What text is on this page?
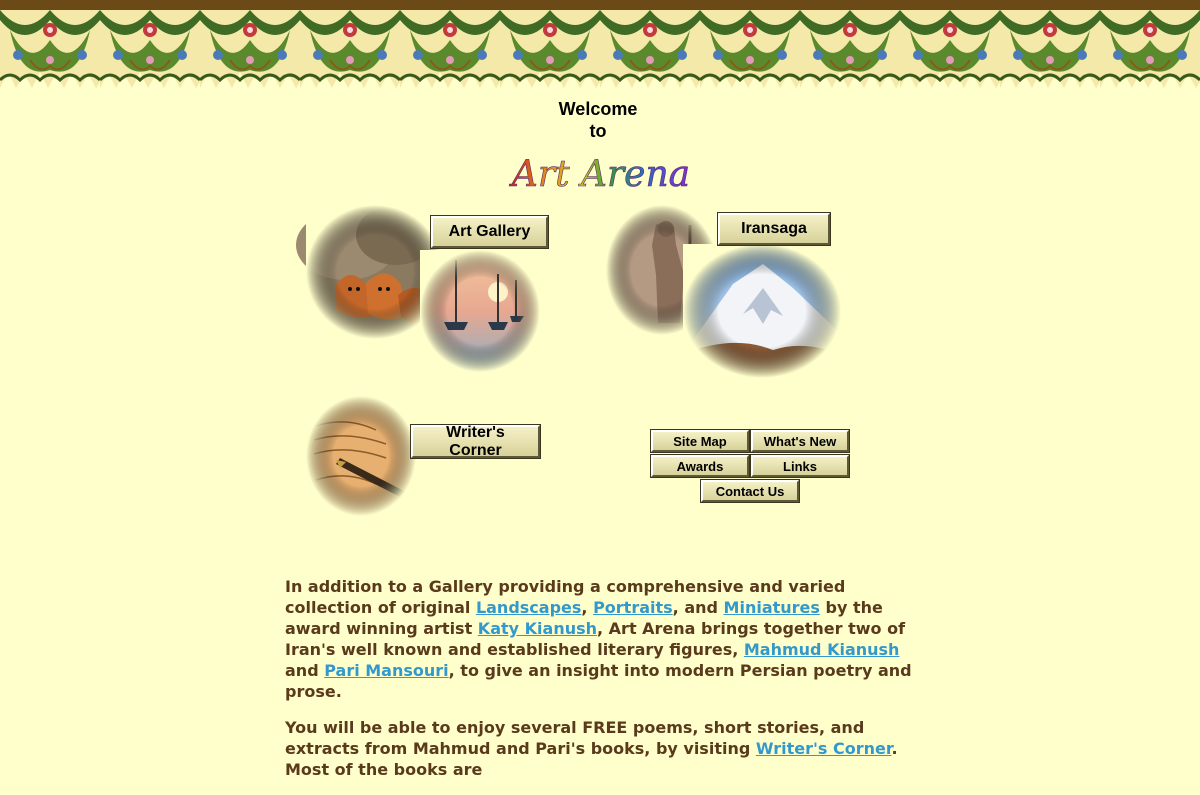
Welcome
to
Art Arena
Art Gallery	Iransaga
Writer's Corner
Site Map	What's New
Awards	Links
Contact Us

In addition to a Gallery providing a comprehensive and varied collection of original Landscapes, Portraits, and Miniatures by the award winning artist Katy Kianush, Art Arena brings together two of Iran's well known and established literary figures, Mahmud Kianush and Pari Mansouri, to give an insight into modern Persian poetry and prose.

You will be able to enjoy several FREE poems, short stories, and extracts from Mahmud and Pari's books, by visiting Writer's Corner. Most of the books are
